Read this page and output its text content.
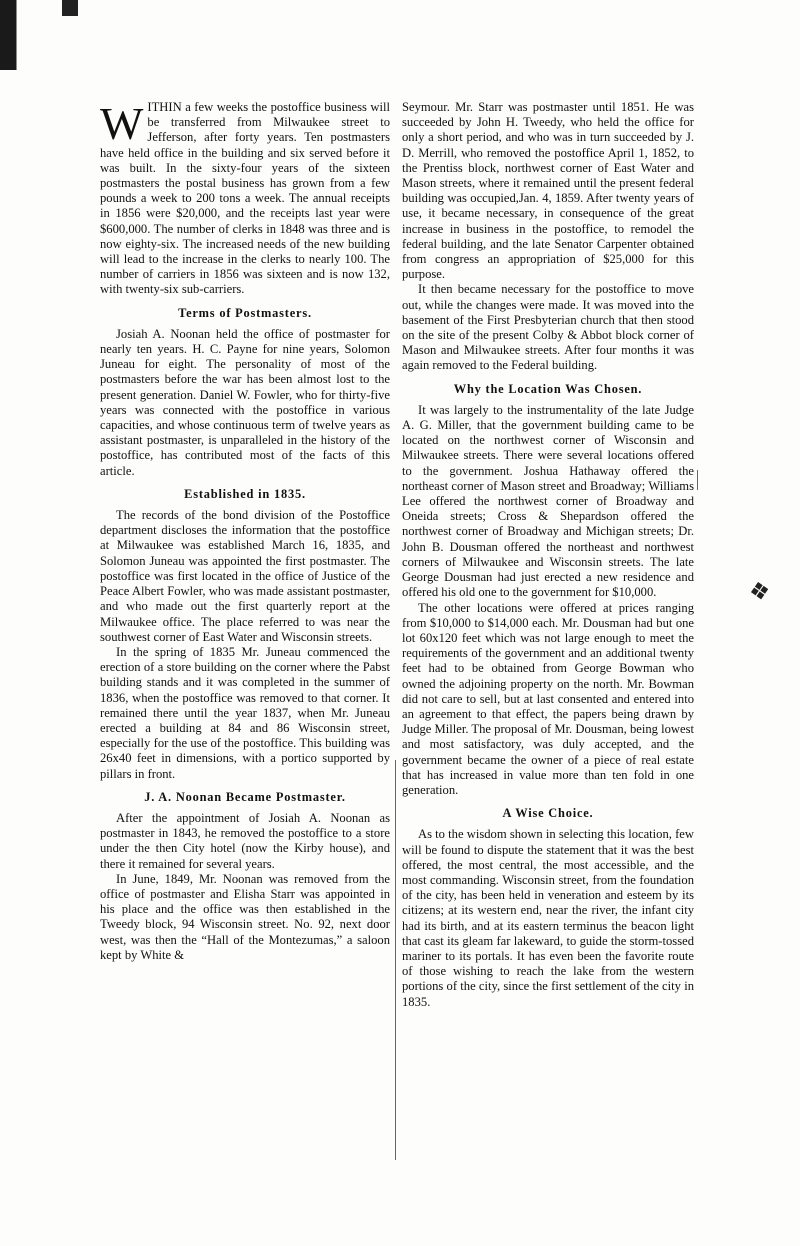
❖

WITHIN a few weeks the postoffice business will be transferred from Milwaukee street to Jefferson, after forty years. Ten postmasters have held office in the building and six served before it was built. In the sixty-four years of the sixteen postmasters the postal business has grown from a few pounds a week to 200 tons a week. The annual receipts in 1856 were $20,000, and the receipts last year were $600,000. The number of clerks in 1848 was three and is now eighty-six. The increased needs of the new building will lead to the increase in the clerks to nearly 100. The number of carriers in 1856 was sixteen and is now 132, with twenty-six sub-carriers.

Terms of Postmasters.

Josiah A. Noonan held the office of postmaster for nearly ten years. H. C. Payne for nine years, Solomon Juneau for eight. The personality of most of the postmasters before the war has been almost lost to the present generation. Daniel W. Fowler, who for thirty-five years was connected with the postoffice in various capacities, and whose continuous term of twelve years as assistant postmaster, is unparalleled in the history of the postoffice, has contributed most of the facts of this article.

Established in 1835.

The records of the bond division of the Postoffice department discloses the information that the postoffice at Milwaukee was established March 16, 1835, and Solomon Juneau was appointed the first postmaster. The postoffice was first located in the office of Justice of the Peace Albert Fowler, who was made assistant postmaster, and who made out the first quarterly report at the Milwaukee office. The place referred to was near the southwest corner of East Water and Wisconsin streets.

In the spring of 1835 Mr. Juneau commenced the erection of a store building on the corner where the Pabst building stands and it was completed in the summer of 1836, when the postoffice was removed to that corner. It remained there until the year 1837, when Mr. Juneau erected a building at 84 and 86 Wisconsin street, especially for the use of the postoffice. This building was 26x40 feet in dimensions, with a portico supported by pillars in front.

J. A. Noonan Became Postmaster.

After the appointment of Josiah A. Noonan as postmaster in 1843, he removed the postoffice to a store under the then City hotel (now the Kirby house), and there it remained for several years.

In June, 1849, Mr. Noonan was removed from the office of postmaster and Elisha Starr was appointed in his place and the office was then established in the Tweedy block, 94 Wisconsin street. No. 92, next door west, was then the “Hall of the Montezumas,” a saloon kept by White &

Seymour. Mr. Starr was postmaster until 1851. He was succeeded by John H. Tweedy, who held the office for only a short period, and who was in turn succeeded by J. D. Merrill, who removed the postoffice April 1, 1852, to the Prentiss block, northwest corner of East Water and Mason streets, where it remained until the present federal building was occupied,Jan. 4, 1859. After twenty years of use, it became necessary, in consequence of the great increase in business in the postoffice, to remodel the federal building, and the late Senator Carpenter obtained from congress an appropriation of $25,000 for this purpose.

It then became necessary for the postoffice to move out, while the changes were made. It was moved into the basement of the First Presbyterian church that then stood on the site of the present Colby & Abbot block corner of Mason and Milwaukee streets. After four months it was again removed to the Federal building.

Why the Location Was Chosen.

It was largely to the instrumentality of the late Judge A. G. Miller, that the government building came to be located on the northwest corner of Wisconsin and Milwaukee streets. There were several locations offered to the government. Joshua Hathaway offered the northeast corner of Mason street and Broadway; Williams Lee offered the northwest corner of Broadway and Oneida streets; Cross & Shepardson offered the northwest corner of Broadway and Michigan streets; Dr. John B. Dousman offered the northeast and northwest corners of Milwaukee and Wisconsin streets. The late George Dousman had just erected a new residence and offered his old one to the government for $10,000.

The other locations were offered at prices ranging from $10,000 to $14,000 each. Mr. Dousman had but one lot 60x120 feet which was not large enough to meet the requirements of the government and an additional twenty feet had to be obtained from George Bowman who owned the adjoining property on the north. Mr. Bowman did not care to sell, but at last consented and entered into an agreement to that effect, the papers being drawn by Judge Miller. The proposal of Mr. Dousman, being lowest and most satisfactory, was duly accepted, and the government became the owner of a piece of real estate that has increased in value more than ten fold in one generation.

A Wise Choice.

As to the wisdom shown in selecting this location, few will be found to dispute the statement that it was the best offered, the most central, the most accessible, and the most commanding. Wisconsin street, from the foundation of the city, has been held in veneration and esteem by its citizens; at its western end, near the river, the infant city had its birth, and at its eastern terminus the beacon light that cast its gleam far lakeward, to guide the storm-tossed mariner to its portals. It has even been the favorite route of those wishing to reach the lake from the western portions of the city, since the first settlement of the city in 1835.
